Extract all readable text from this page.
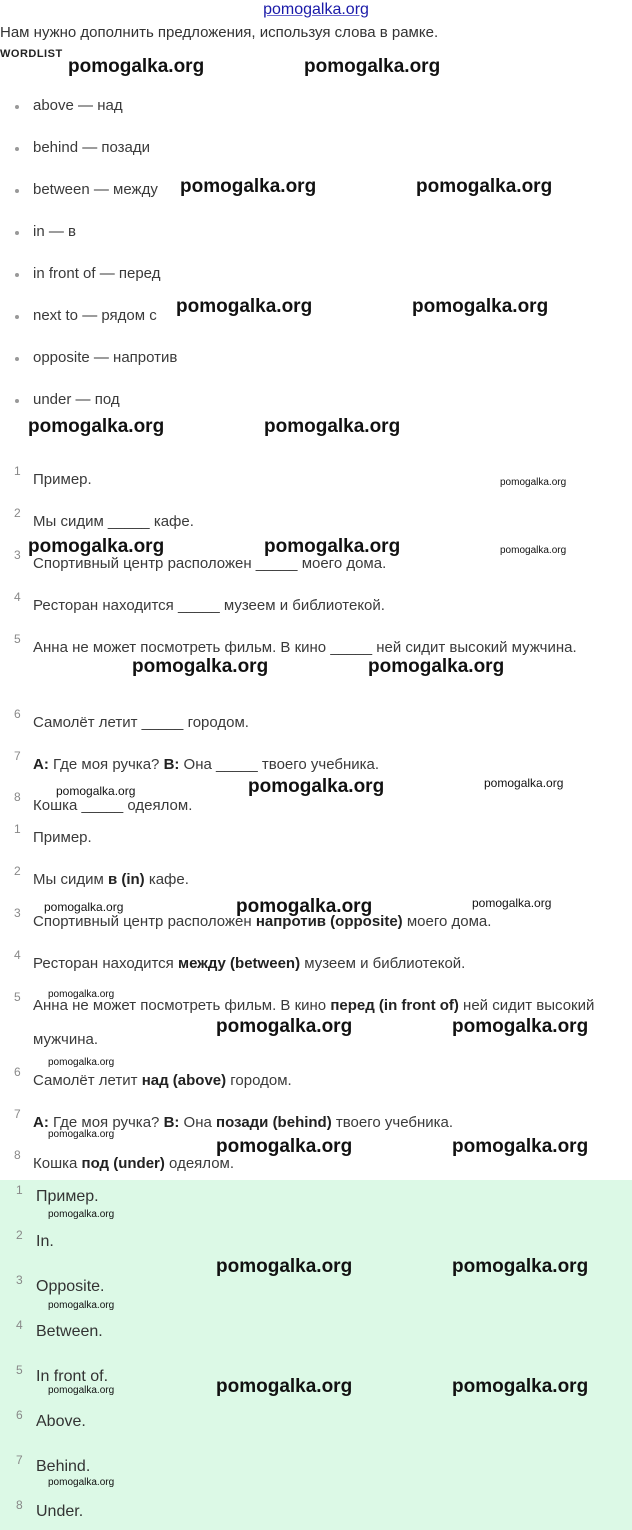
pomogalka.org
Нам нужно дополнить предложения, используя слова в рамке.
WORDLIST
above — над
behind — позади
between — между
in — в
in front of — перед
next to — рядом с
opposite — напротив
under — под
1 Пример.
2 Мы сидим _____ кафе.
3 Спортивный центр расположен _____ моего дома.
4 Ресторан находится _____ музеем и библиотекой.
5 Анна не может посмотреть фильм. В кино _____ ней сидит высокий мужчина.
6 Самолёт летит _____ городом.
7 A: Где моя ручка? B: Она _____ твоего учебника.
8 Кошка _____ одеялом.
1 Пример.
2 Мы сидим в (in) кафе.
3 Спортивный центр расположен напротив (opposite) моего дома.
4 Ресторан находится между (between) музеем и библиотекой.
5 Анна не может посмотреть фильм. В кино перед (in front of) ней сидит высокий мужчина.
6 Самолёт летит над (above) городом.
7 A: Где моя ручка? B: Она позади (behind) твоего учебника.
8 Кошка под (under) одеялом.
1 Пример.
2 In.
3 Opposite.
4 Between.
5 In front of.
6 Above.
7 Behind.
8 Under.
pomogalka.org	pomogalka.org
pomogalka.org	pomogalka.org
pomogalka.org	pomogalka.org
pomogalka.org	pomogalka.org
pomogalka.org	pomogalka.org
pomogalka.org	pomogalka.org
pomogalka.org
pomogalka.org
pomogalka.org	pomogalka.org
pomogalka.org	pomogalka.org
pomogalka.org	pomogalka.org
pomogalka.org	pomogalka.org
pomogalka.org
pomogalka.org
pomogalka.org
pomogalka.org
pomogalka.org	pomogalka.org
pomogalka.org
pomogalka.org
pomogalka.org
pomogalka.org
pomogalka.org
pomogalka.org
pomogalka.org
